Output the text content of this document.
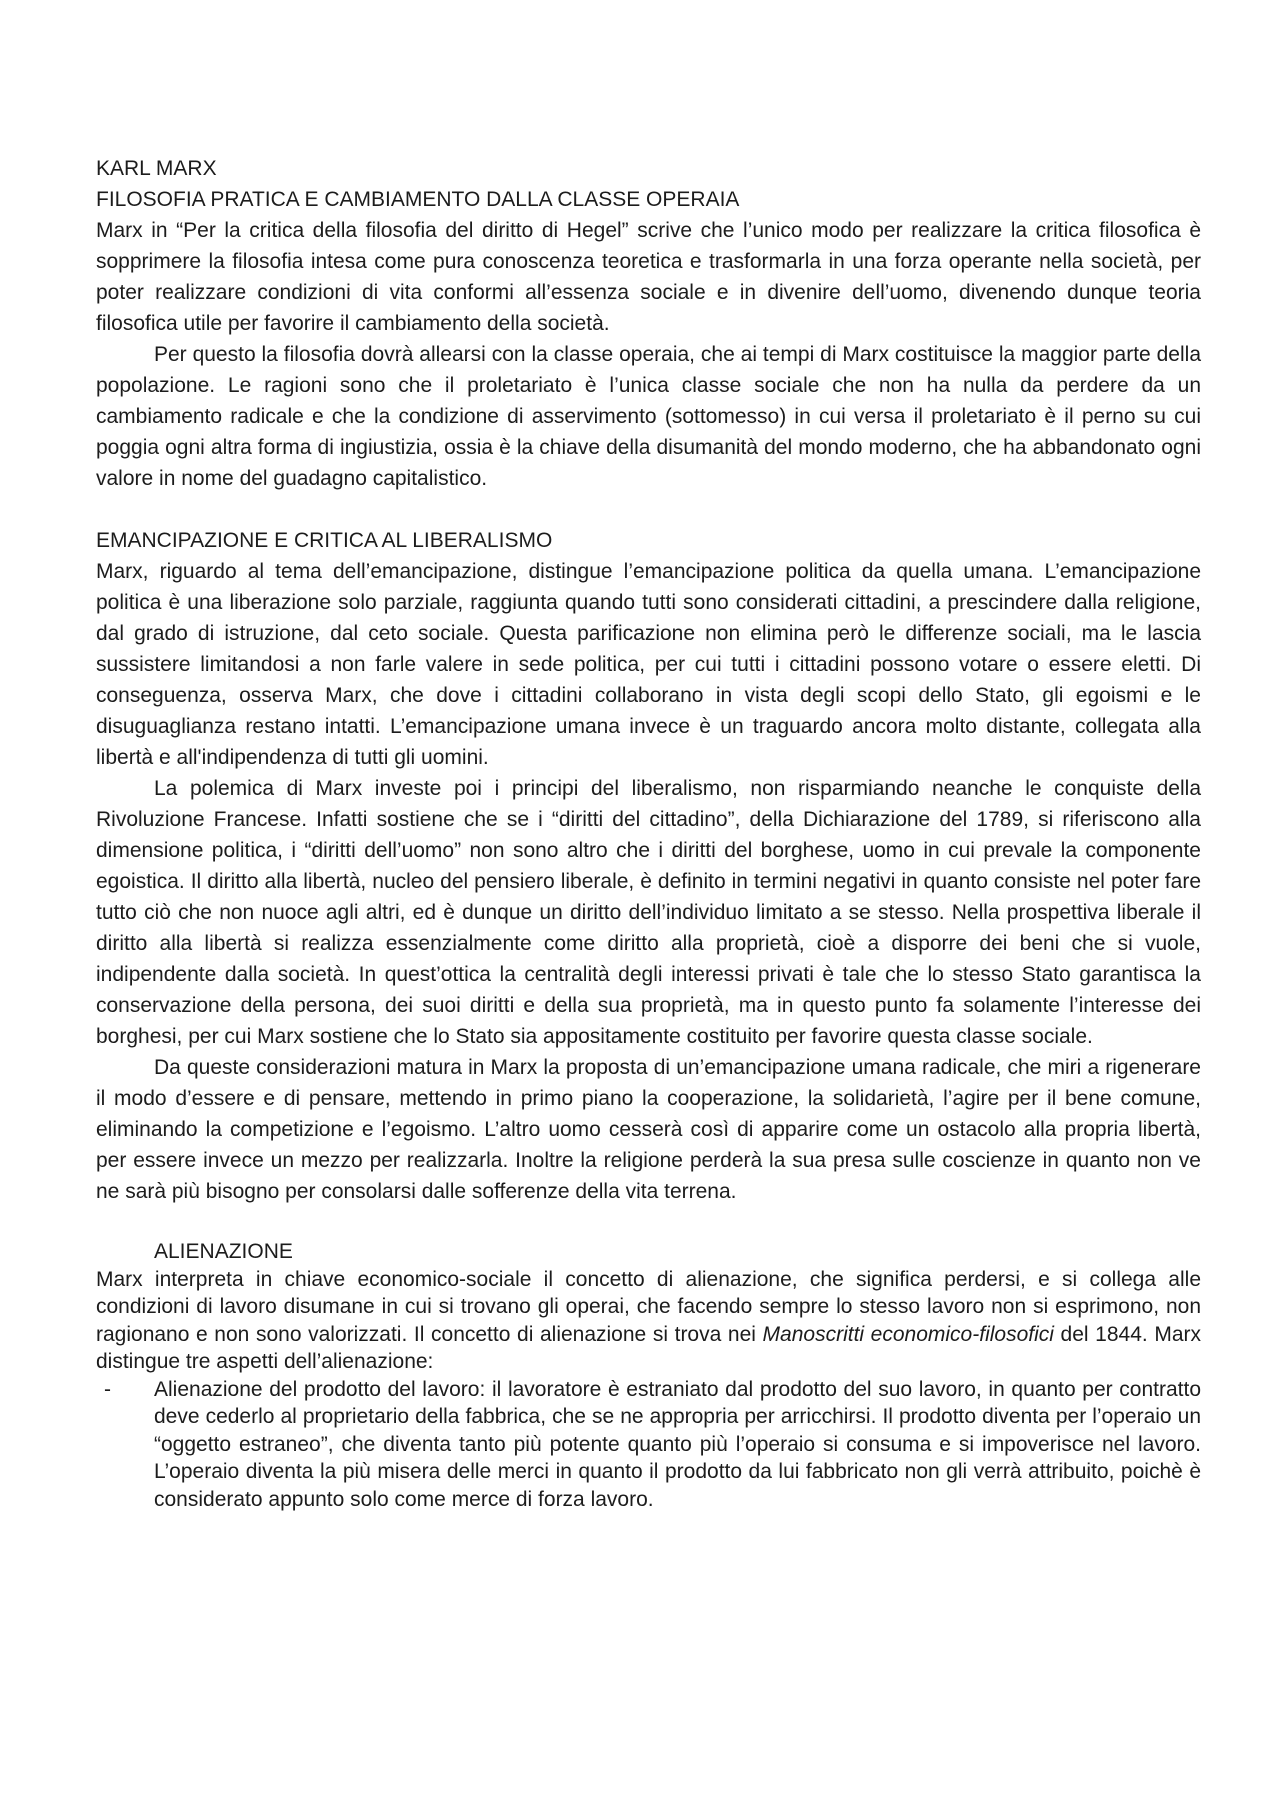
KARL MARX
FILOSOFIA PRATICA E CAMBIAMENTO DALLA CLASSE OPERAIA

Marx in “Per la critica della filosofia del diritto di Hegel” scrive che l’unico modo per realizzare la critica filosofica è sopprimere la filosofia intesa come pura conoscenza teoretica e trasformarla in una forza operante nella società, per poter realizzare condizioni di vita conformi all’essenza sociale e in divenire dell’uomo, divenendo dunque teoria filosofica utile per favorire il cambiamento della società.

Per questo la filosofia dovrà allearsi con la classe operaia, che ai tempi di Marx costituisce la maggior parte della popolazione. Le ragioni sono che il proletariato è l’unica classe sociale che non ha nulla da perdere da un cambiamento radicale e che la condizione di asservimento (sottomesso) in cui versa il proletariato è il perno su cui poggia ogni altra forma di ingiustizia, ossia è la chiave della disumanità del mondo moderno, che ha abbandonato ogni valore in nome del guadagno capitalistico.

EMANCIPAZIONE E CRITICA AL LIBERALISMO

Marx, riguardo al tema dell’emancipazione, distingue l’emancipazione politica da quella umana. L’emancipazione politica è una liberazione solo parziale, raggiunta quando tutti sono considerati cittadini, a prescindere dalla religione, dal grado di istruzione, dal ceto sociale. Questa parificazione non elimina però le differenze sociali, ma le lascia sussistere limitandosi a non farle valere in sede politica, per cui tutti i cittadini possono votare o essere eletti. Di conseguenza, osserva Marx, che dove i cittadini collaborano in vista degli scopi dello Stato, gli egoismi e le disuguaglianza restano intatti. L’emancipazione umana invece è un traguardo ancora molto distante, collegata alla libertà e all'indipendenza di tutti gli uomini.

La polemica di Marx investe poi i principi del liberalismo, non risparmiando neanche le conquiste della Rivoluzione Francese. Infatti sostiene che se i “diritti del cittadino”, della Dichiarazione del 1789, si riferiscono alla dimensione politica, i “diritti dell’uomo” non sono altro che i diritti del borghese, uomo in cui prevale la componente egoistica. Il diritto alla libertà, nucleo del pensiero liberale, è definito in termini negativi in quanto consiste nel poter fare tutto ciò che non nuoce agli altri, ed è dunque un diritto dell’individuo limitato a se stesso. Nella prospettiva liberale il diritto alla libertà si realizza essenzialmente come diritto alla proprietà, cioè a disporre dei beni che si vuole, indipendente dalla società. In quest’ottica la centralità degli interessi privati è tale che lo stesso Stato garantisca la conservazione della persona, dei suoi diritti e della sua proprietà, ma in questo punto fa solamente l’interesse dei borghesi, per cui Marx sostiene che lo Stato sia appositamente costituito per favorire questa classe sociale.

Da queste considerazioni matura in Marx la proposta di un’emancipazione umana radicale, che miri a rigenerare il modo d’essere e di pensare, mettendo in primo piano la cooperazione, la solidarietà, l’agire per il bene comune, eliminando la competizione e l’egoismo. L’altro uomo cesserà così di apparire come un ostacolo alla propria libertà, per essere invece un mezzo per realizzarla. Inoltre la religione perderà la sua presa sulle coscienze in quanto non ve ne sarà più bisogno per consolarsi dalle sofferenze della vita terrena.

ALIENAZIONE

Marx interpreta in chiave economico-sociale il concetto di alienazione, che significa perdersi, e si collega alle condizioni di lavoro disumane in cui si trovano gli operai, che facendo sempre lo stesso lavoro non si esprimono, non ragionano e non sono valorizzati. Il concetto di alienazione si trova nei Manoscritti economico-filosofici del 1844. Marx distingue tre aspetti dell’alienazione:

- Alienazione del prodotto del lavoro: il lavoratore è estraniato dal prodotto del suo lavoro, in quanto per contratto deve cederlo al proprietario della fabbrica, che se ne appropria per arricchirsi. Il prodotto diventa per l’operaio un “oggetto estraneo”, che diventa tanto più potente quanto più l’operaio si consuma e si impoverisce nel lavoro. L’operaio diventa la più misera delle merci in quanto il prodotto da lui fabbricato non gli verrà attribuito, poichè è considerato appunto solo come merce di forza lavoro.
